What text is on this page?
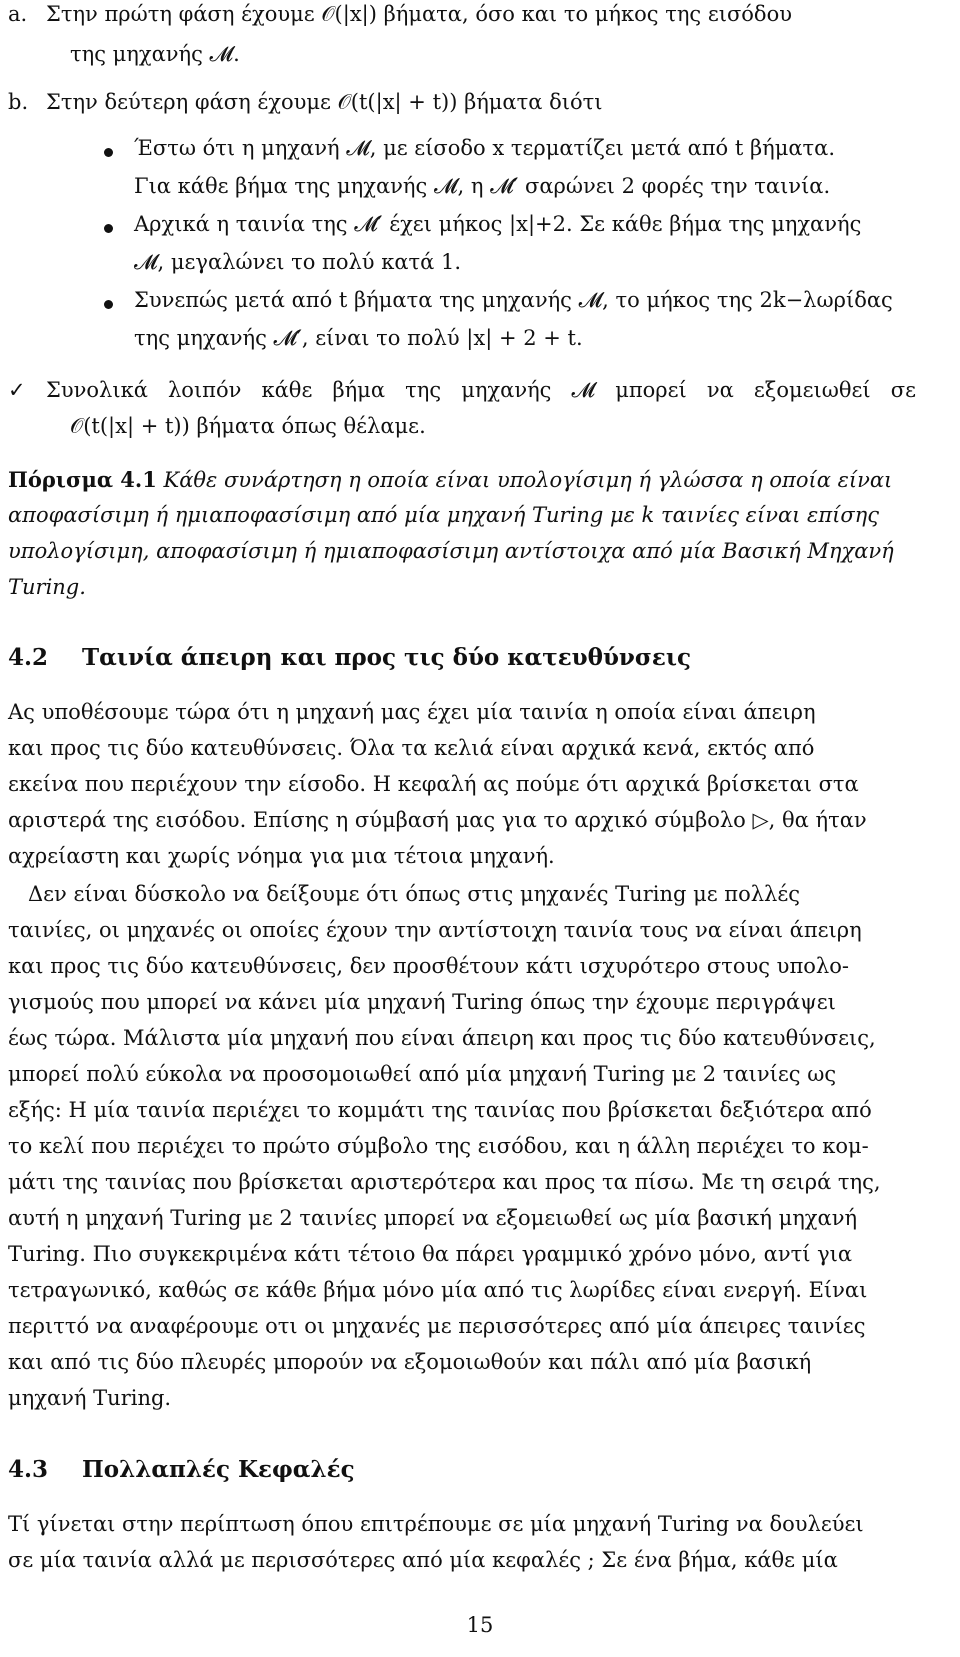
a. Στην πρώτη φάση έχουμε 𝒪(|x|) βήματα, όσο και το μήκος της εισόδου
της μηχανής 𝓜.
b. Στην δεύτερη φάση έχουμε 𝒪(t(|x| + t)) βήματα διότι
Έστω ότι η μηχανή 𝓜, με είσοδο x τερματίζει μετά από t βήματα.
Για κάθε βήμα της μηχανής 𝓜, η 𝓜′ σαρώνει 2 φορές την ταινία.
Αρχικά η ταινία της 𝓜′ έχει μήκος |x|+2. Σε κάθε βήμα της μηχανής
𝓜, μεγαλώνει το πολύ κατά 1.
Συνεπώς μετά από t βήματα της μηχανής 𝓜, το μήκος της 2k−λωρίδας
της μηχανής 𝓜′, είναι το πολύ |x| + 2 + t.
✓ Συνολικά λοιπόν κάθε βήμα της μηχανής 𝓜 μπορεί να εξομειωθεί σε
𝒪(t(|x| + t)) βήματα όπως θέλαμε.
Πόρισμα 4.1 Κάθε συνάρτηση η οποία είναι υπολογίσιμη ή γλώσσα η οποία είναι
αποφασίσιμη ή ημιαποφασίσιμη από μία μηχανή Turing με k ταινίες είναι επίσης
υπολογίσιμη, αποφασίσιμη ή ημιαποφασίσιμη αντίστοιχα από μία Βασική Μηχανή
Turing.
4.2 Ταινία άπειρη και προς τις δύο κατευθύνσεις
Ας υποθέσουμε τώρα ότι η μηχανή μας έχει μία ταινία η οποία είναι άπειρη
και προς τις δύο κατευθύνσεις. Όλα τα κελιά είναι αρχικά κενά, εκτός από
εκείνα που περιέχουν την είσοδο. Η κεφαλή ας πούμε ότι αρχικά βρίσκεται στα
αριστερά της εισόδου. Επίσης η σύμβασή μας για το αρχικό σύμβολο ▷, θα ήταν
αχρείαστη και χωρίς νόημα για μια τέτοια μηχανή.
Δεν είναι δύσκολο να δείξουμε ότι όπως στις μηχανές Turing με πολλές
ταινίες, οι μηχανές οι οποίες έχουν την αντίστοιχη ταινία τους να είναι άπειρη
και προς τις δύο κατευθύνσεις, δεν προσθέτουν κάτι ισχυρότερο στους υπολο-
γισμούς που μπορεί να κάνει μία μηχανή Turing όπως την έχουμε περιγράψει
έως τώρα. Μάλιστα μία μηχανή που είναι άπειρη και προς τις δύο κατευθύνσεις,
μπορεί πολύ εύκολα να προσομοιωθεί από μία μηχανή Turing με 2 ταινίες ως
εξής: Η μία ταινία περιέχει το κομμάτι της ταινίας που βρίσκεται δεξιότερα από
το κελί που περιέχει το πρώτο σύμβολο της εισόδου, και η άλλη περιέχει το κομ-
μάτι της ταινίας που βρίσκεται αριστερότερα και προς τα πίσω. Με τη σειρά της,
αυτή η μηχανή Turing με 2 ταινίες μπορεί να εξομειωθεί ως μία βασική μηχανή
Turing. Πιο συγκεκριμένα κάτι τέτοιο θα πάρει γραμμικό χρόνο μόνο, αντί για
τετραγωνικό, καθώς σε κάθε βήμα μόνο μία από τις λωρίδες είναι ενεργή. Είναι
περιττό να αναφέρουμε οτι οι μηχανές με περισσότερες από μία άπειρες ταινίες
και από τις δύο πλευρές μπορούν να εξομοιωθούν και πάλι από μία βασική
μηχανή Turing.
4.3 Πολλαπλές Κεφαλές
Τί γίνεται στην περίπτωση όπου επιτρέπουμε σε μία μηχανή Turing να δουλεύει
σε μία ταινία αλλά με περισσότερες από μία κεφαλές ; Σε ένα βήμα, κάθε μία
15
